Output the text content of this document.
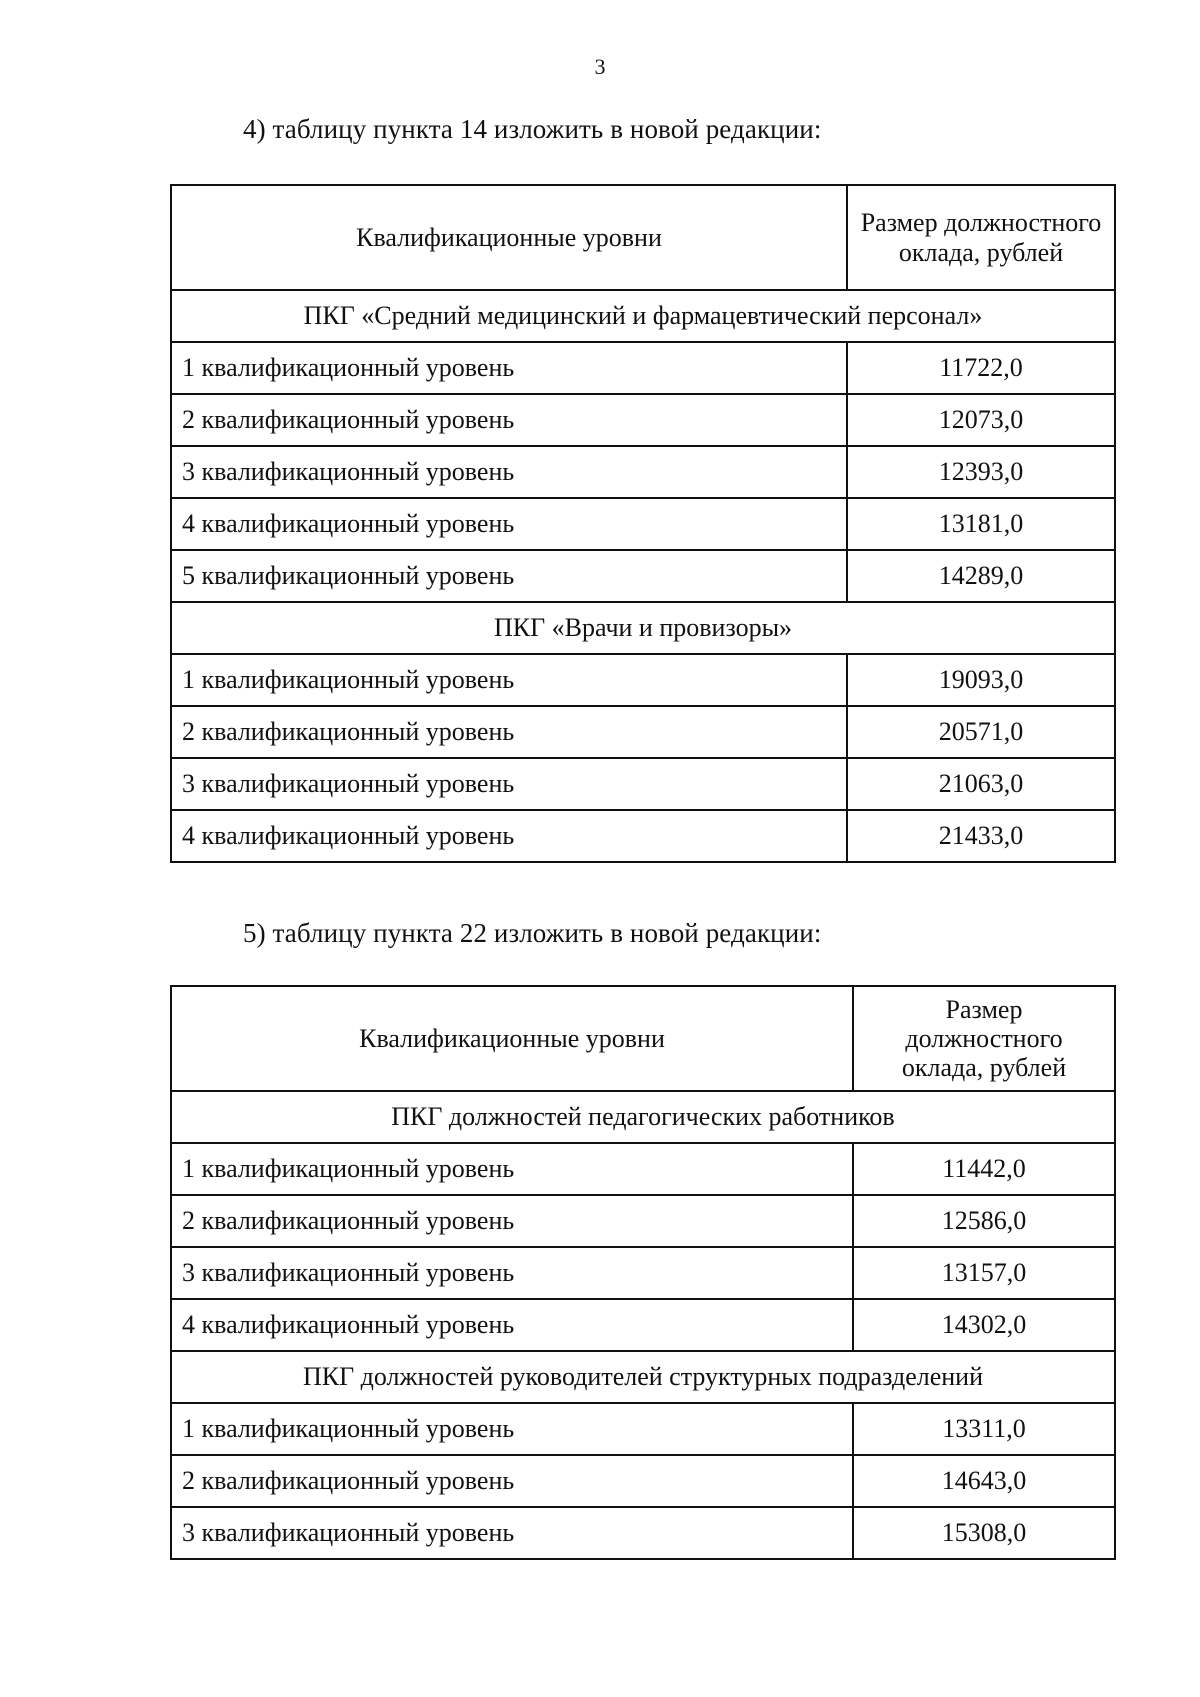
3
4) таблицу пункта 14 изложить в новой редакции:
Квалификационные уровни	Размер должностного оклада, рублей
ПКГ «Средний медицинский и фармацевтический персонал»	
1 квалификационный уровень	11722,0
2 квалификационный уровень	12073,0
3 квалификационный уровень	12393,0
4 квалификационный уровень	13181,0
5 квалификационный уровень	14289,0
ПКГ «Врачи и провизоры»	
1 квалификационный уровень	19093,0
2 квалификационный уровень	20571,0
3 квалификационный уровень	21063,0
4 квалификационный уровень	21433,0
5) таблицу пункта 22 изложить в новой редакции:
Квалификационные уровни	Размер должностного оклада, рублей
ПКГ должностей педагогических работников	
1 квалификационный уровень	11442,0
2 квалификационный уровень	12586,0
3 квалификационный уровень	13157,0
4 квалификационный уровень	14302,0
ПКГ должностей руководителей структурных подразделений	
1 квалификационный уровень	13311,0
2 квалификационный уровень	14643,0
3 квалификационный уровень	15308,0
